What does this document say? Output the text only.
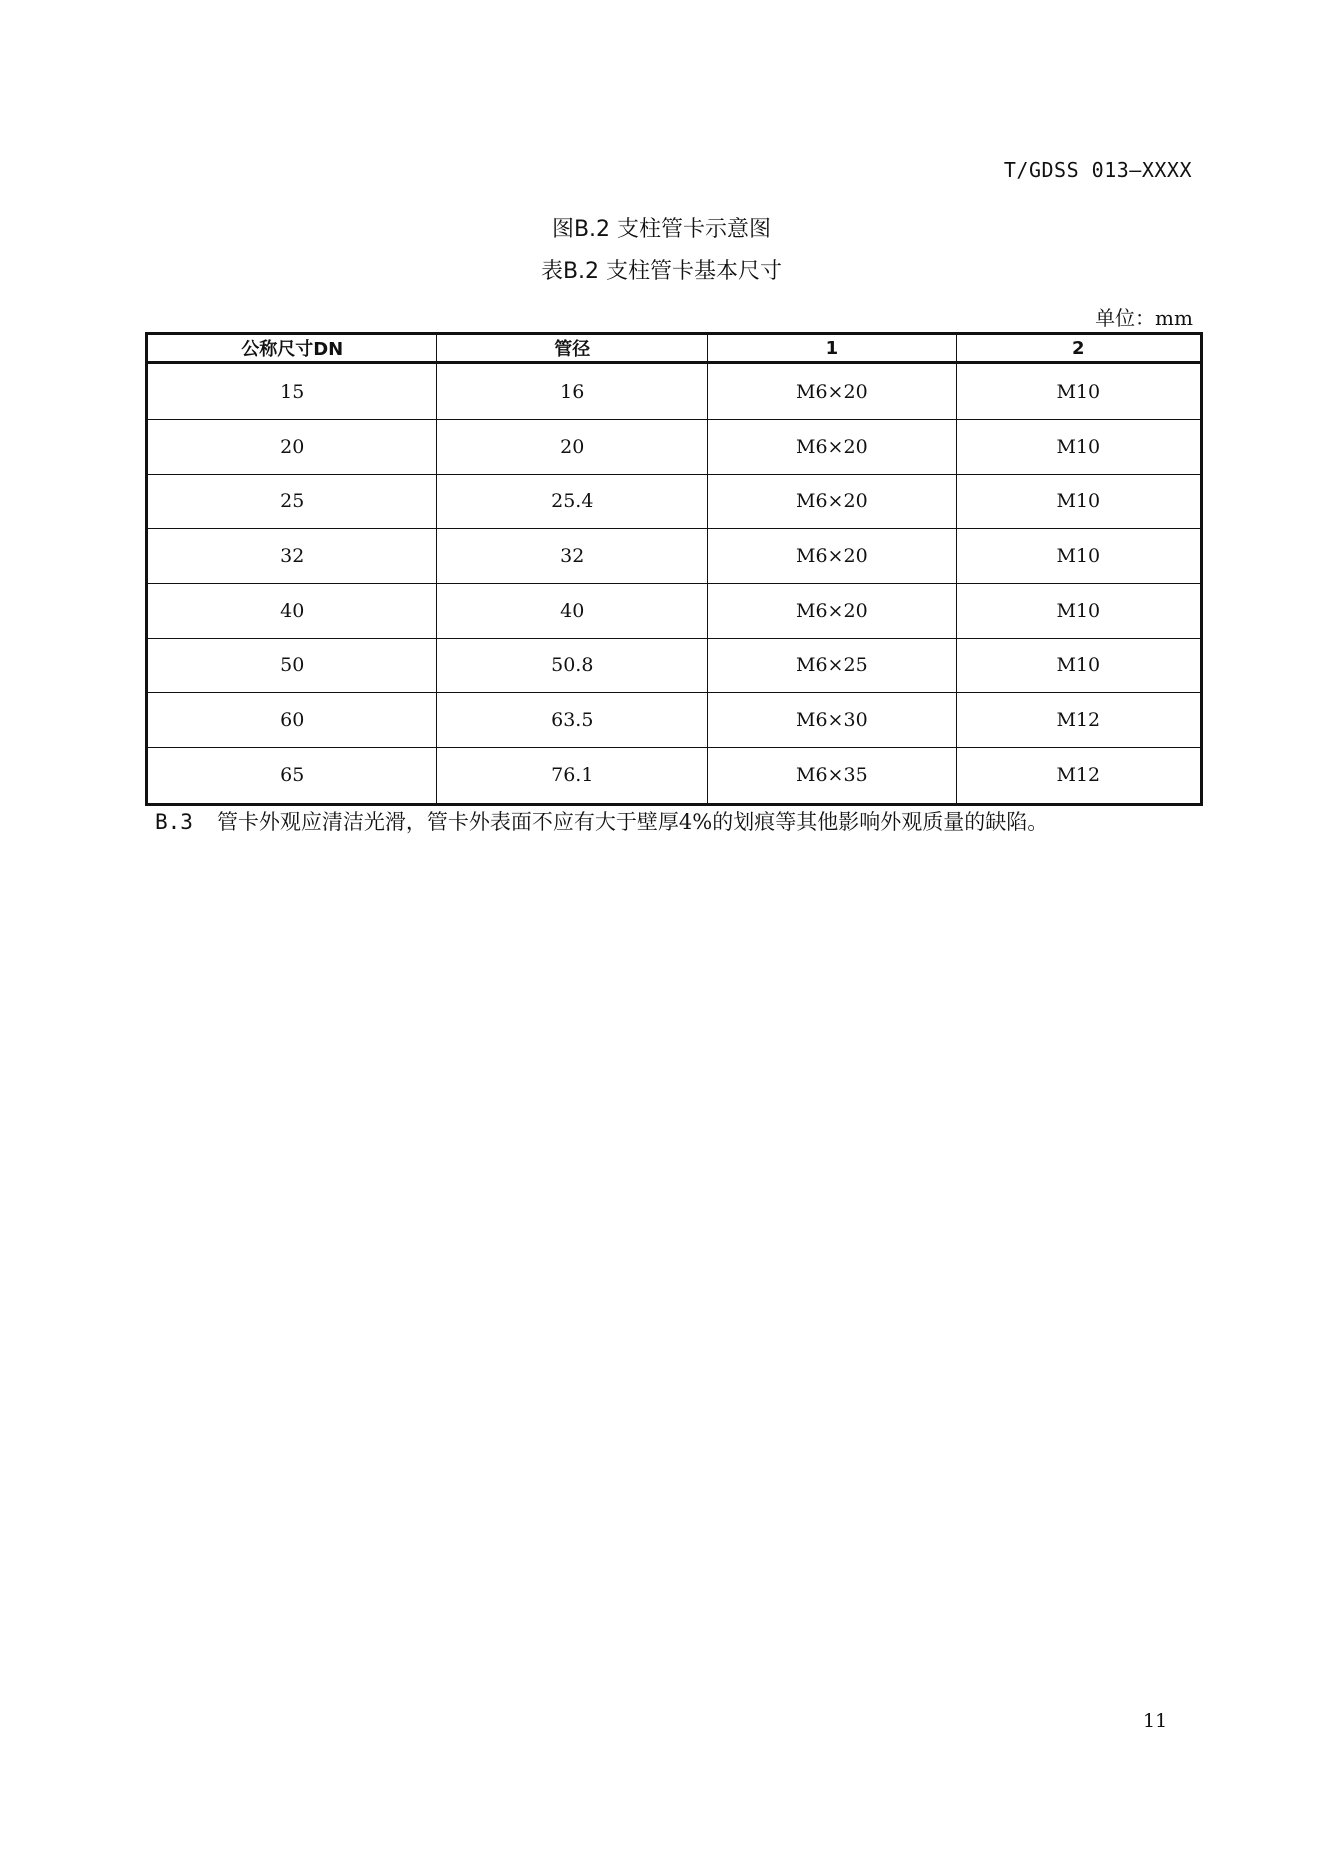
T/GDSS 013—XXXX
图B.2 支柱管卡示意图
表B.2 支柱管卡基本尺寸
单位：mm
公称尺寸DN	管径	1	2
15	16	M6×20	M10
20	20	M6×20	M10
25	25.4	M6×20	M10
32	32	M6×20	M10
40	40	M6×20	M10
50	50.8	M6×25	M10
60	63.5	M6×30	M12
65	76.1	M6×35	M12
B.3 管卡外观应清洁光滑，管卡外表面不应有大于壁厚4%的划痕等其他影响外观质量的缺陷。
11
